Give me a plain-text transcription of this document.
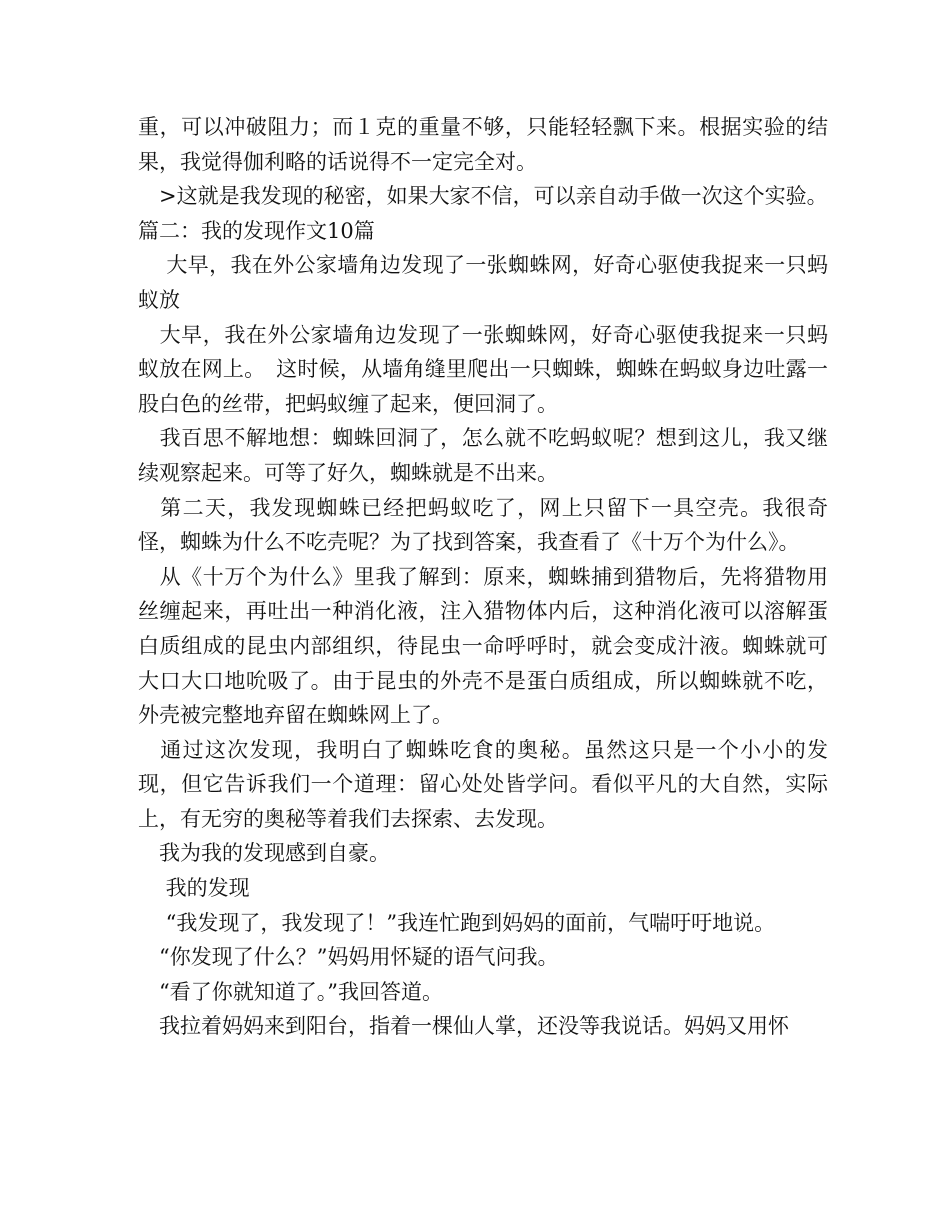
重，可以冲破阻力；而１克的重量不够，只能轻轻飘下来。根据实验的结果，我觉得伽利略的话说得不一定完全对。

　>这就是我发现的秘密，如果大家不信，可以亲自动手做一次这个实验。

篇二：我的发现作文10篇

　 大早，我在外公家墙角边发现了一张蜘蛛网，好奇心驱使我捉来一只蚂蚁放

　大早，我在外公家墙角边发现了一张蜘蛛网，好奇心驱使我捉来一只蚂蚁放在网上。　这时候，从墙角缝里爬出一只蜘蛛，蜘蛛在蚂蚁身边吐露一股白色的丝带，把蚂蚁缠了起来，便回洞了。

　我百思不解地想：蜘蛛回洞了，怎么就不吃蚂蚁呢？想到这儿，我又继续观察起来。可等了好久，蜘蛛就是不出来。

　第二天，我发现蜘蛛已经把蚂蚁吃了，网上只留下一具空壳。我很奇怪，蜘蛛为什么不吃壳呢？为了找到答案，我查看了《十万个为什么》。

　从《十万个为什么》里我了解到：原来，蜘蛛捕到猎物后，先将猎物用丝缠起来，再吐出一种消化液，注入猎物体内后，这种消化液可以溶解蛋白质组成的昆虫内部组织，待昆虫一命呼呼时，就会变成汁液。蜘蛛就可大口大口地吮吸了。由于昆虫的外壳不是蛋白质组成，所以蜘蛛就不吃，外壳被完整地弃留在蜘蛛网上了。

　通过这次发现，我明白了蜘蛛吃食的奥秘。虽然这只是一个小小的发现，但它告诉我们一个道理：留心处处皆学问。看似平凡的大自然，实际上，有无穷的奥秘等着我们去探索、去发现。

　我为我的发现感到自豪。

　 我的发现

　 “我发现了，我发现了！”我连忙跑到妈妈的面前，气喘吁吁地说。

　“你发现了什么？”妈妈用怀疑的语气问我。

　“看了你就知道了。”我回答道。

　我拉着妈妈来到阳台，指着一棵仙人掌，还没等我说话。妈妈又用怀
